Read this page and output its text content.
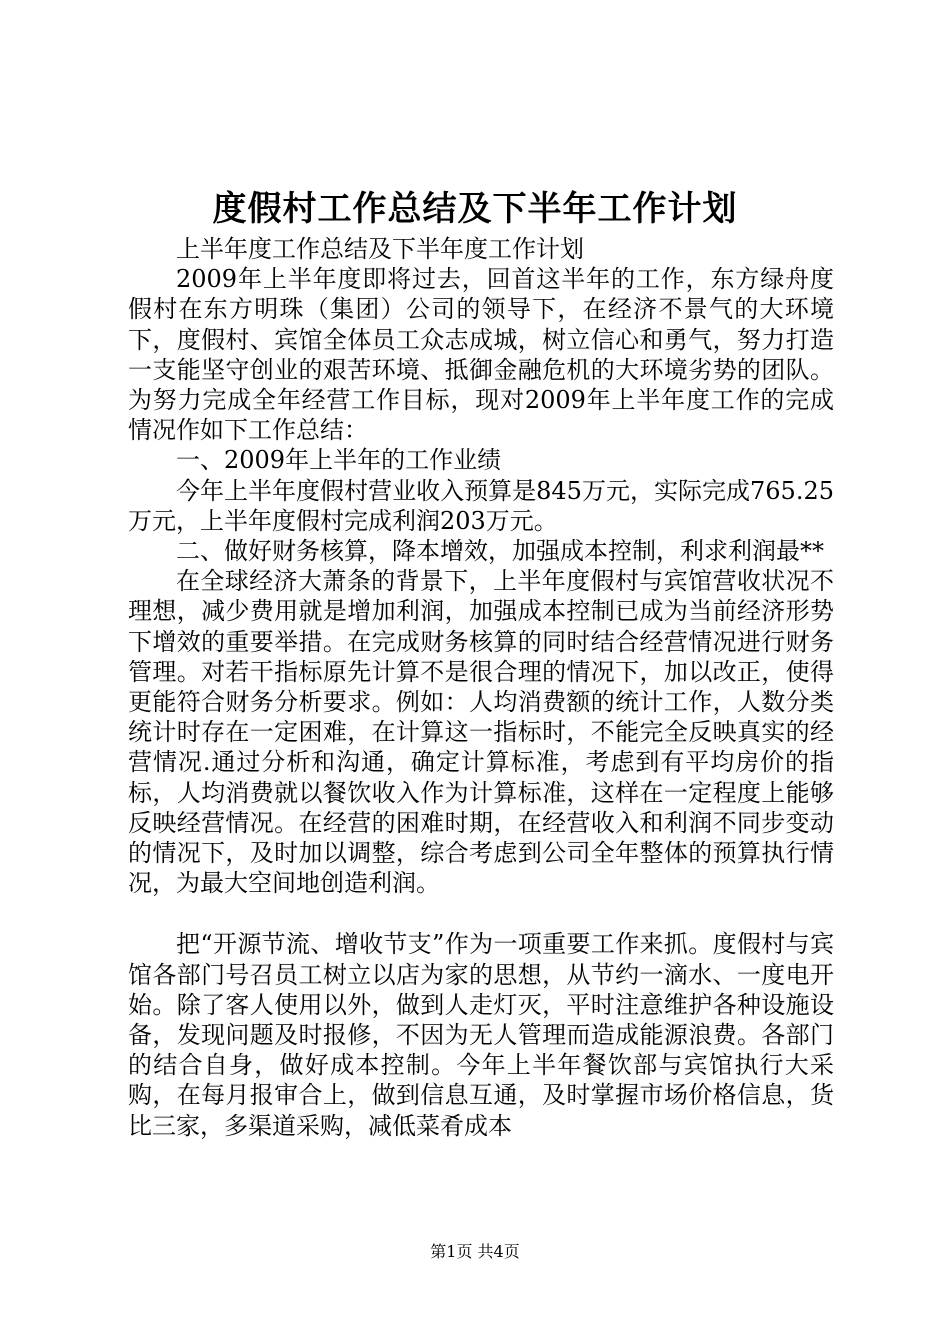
度假村工作总结及下半年工作计划

上半年度工作总结及下半年度工作计划

2009年上半年度即将过去，回首这半年的工作，东方绿舟度假村在东方明珠（集团）公司的领导下，在经济不景气的大环境下，度假村、宾馆全体员工众志成城，树立信心和勇气，努力打造一支能坚守创业的艰苦环境、抵御金融危机的大环境劣势的团队。为努力完成全年经营工作目标，现对2009年上半年度工作的完成情况作如下工作总结：

一、2009年上半年的工作业绩

今年上半年度假村营业收入预算是845万元，实际完成765.25万元，上半年度假村完成利润203万元。

二、做好财务核算，降本增效，加强成本控制，利求利润最**

在全球经济大萧条的背景下，上半年度假村与宾馆营收状况不理想，减少费用就是增加利润，加强成本控制已成为当前经济形势下增效的重要举措。在完成财务核算的同时结合经营情况进行财务管理。对若干指标原先计算不是很合理的情况下，加以改正，使得更能符合财务分析要求。例如：人均消费额的统计工作，人数分类统计时存在一定困难，在计算这一指标时，不能完全反映真实的经营情况.通过分析和沟通，确定计算标准，考虑到有平均房价的指标，人均消费就以餐饮收入作为计算标准，这样在一定程度上能够反映经营情况。在经营的困难时期，在经营收入和利润不同步变动的情况下，及时加以调整，综合考虑到公司全年整体的预算执行情况，为最大空间地创造利润。

把“开源节流、增收节支”作为一项重要工作来抓。度假村与宾馆各部门号召员工树立以店为家的思想，从节约一滴水、一度电开始。除了客人使用以外，做到人走灯灭，平时注意维护各种设施设备，发现问题及时报修，不因为无人管理而造成能源浪费。各部门的结合自身，做好成本控制。今年上半年餐饮部与宾馆执行大采购，在每月报审合上，做到信息互通，及时掌握市场价格信息，货比三家，多渠道采购，减低菜肴成本

第1页 共4页
